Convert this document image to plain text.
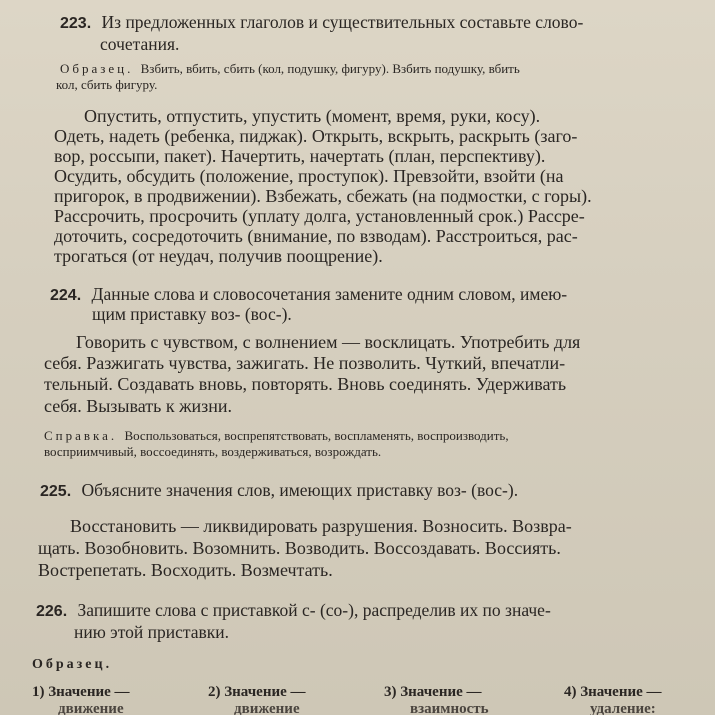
223. Из предложенных глаголов и существительных составьте слово-
сочетания.
Образец. Взбить, вбить, сбить (кол, подушку, фигуру). Взбить подушку, вбить
кол, сбить фигуру.
Опустить, отпустить, упустить (момент, время, руки, косу).
Одеть, надеть (ребенка, пиджак). Открыть, вскрыть, раскрыть (заго-
вор, россыпи, пакет). Начертить, начертать (план, перспективу).
Осудить, обсудить (положение, проступок). Превзойти, взойти (на
пригорок, в продвижении). Взбежать, сбежать (на подмостки, с горы).
Рассрочить, просрочить (уплату долга, установленный срок.) Рассре-
доточить, сосредоточить (внимание, по взводам). Расстроиться, рас-
трогаться (от неудач, получив поощрение).
224. Данные слова и словосочетания замените одним словом, имею-
щим приставку воз- (вос-).
Говорить с чувством, с волнением — восклицать. Употребить для
себя. Разжигать чувства, зажигать. Не позволить. Чуткий, впечатли-
тельный. Создавать вновь, повторять. Вновь соединять. Удерживать
себя. Вызывать к жизни.
Справка. Воспользоваться, воспрепятствовать, воспламенять, воспроизводить,
восприимчивый, воссоединять, воздерживаться, возрождать.
225. Объясните значения слов, имеющих приставку воз- (вос-).
Восстановить — ликвидировать разрушения. Возносить. Возвра-
щать. Возобновить. Возомнить. Возводить. Воссоздавать. Воссиять.
Вострепетать. Восходить. Возмечтать.
226. Запишите слова с приставкой с- (со-), распределив их по значе-
нию этой приставки.
Образец.
1) Значение —
движение
2) Значение —
движение
3) Значение —
взаимность
4) Значение —
удаление:
